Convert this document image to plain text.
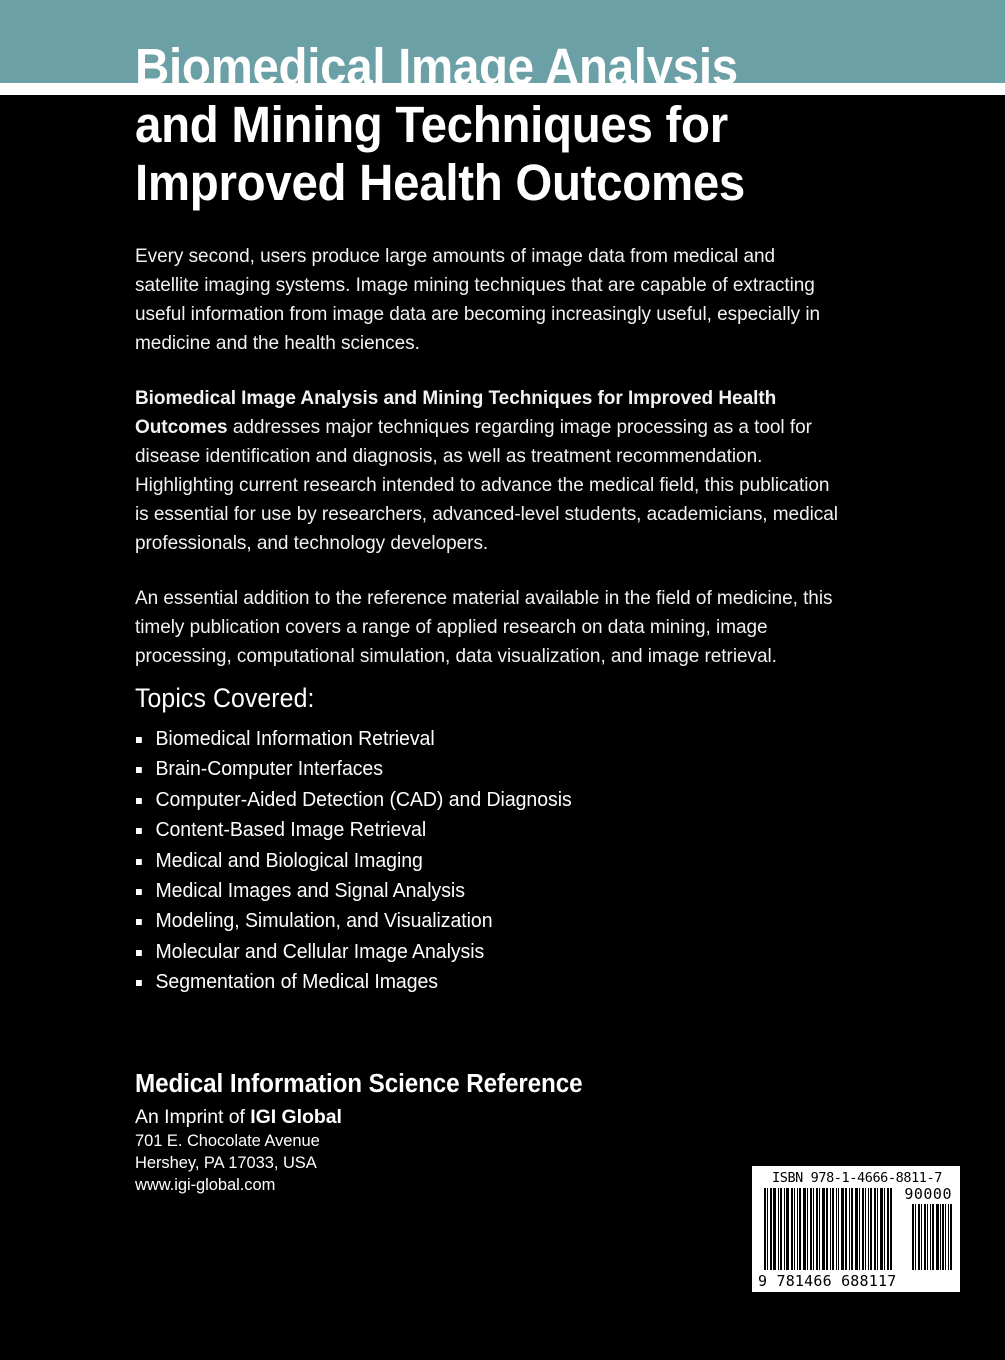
Biomedical Image Analysis
and Mining Techniques for
Improved Health Outcomes

Every second, users produce large amounts of image data from medical and satellite imaging systems. Image mining techniques that are capable of extracting useful information from image data are becoming increasingly useful, especially in medicine and the health sciences.

Biomedical Image Analysis and Mining Techniques for Improved Health Outcomes addresses major techniques regarding image processing as a tool for disease identification and diagnosis, as well as treatment recommendation. Highlighting current research intended to advance the medical field, this publication is essential for use by researchers, advanced-level students, academicians, medical professionals, and technology developers.

An essential addition to the reference material available in the field of medicine, this timely publication covers a range of applied research on data mining, image processing, computational simulation, data visualization, and image retrieval.

Topics Covered:
Biomedical Information Retrieval
Brain-Computer Interfaces
Computer-Aided Detection (CAD) and Diagnosis
Content-Based Image Retrieval
Medical and Biological Imaging
Medical Images and Signal Analysis
Modeling, Simulation, and Visualization
Molecular and Cellular Image Analysis
Segmentation of Medical Images
Medical Information Science Reference
An Imprint of IGI Global
701 E. Chocolate Avenue
Hershey, PA 17033, USA
www.igi-global.com	ISBN 978-1-4666-8811-7
90000
9 781466 688117
